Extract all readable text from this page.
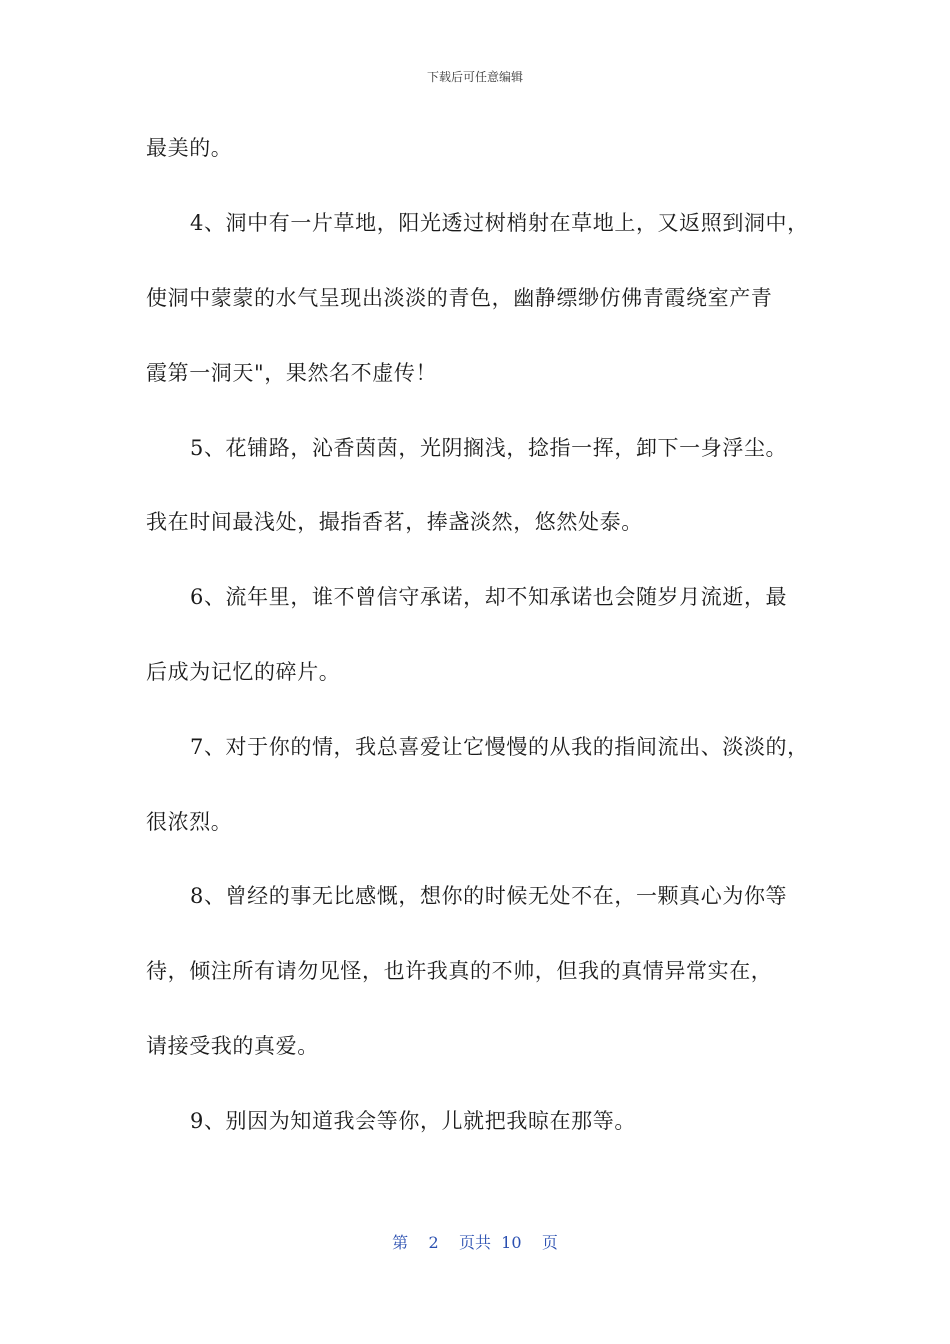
下载后可任意编辑
最美的。
4、洞中有一片草地，阳光透过树梢射在草地上，又返照到洞中，
使洞中蒙蒙的水气呈现出淡淡的青色，幽静缥缈仿佛青霞绕室产青
霞第一洞天"，果然名不虚传！
5、花铺路，沁香茵茵，光阴搁浅，捻指一挥，卸下一身浮尘。
我在时间最浅处，撮指香茗，捧盏淡然，悠然处泰。
6、流年里，谁不曾信守承诺，却不知承诺也会随岁月流逝，最
后成为记忆的碎片。
7、对于你的情，我总喜爱让它慢慢的从我的指间流出、淡淡的，
很浓烈。
8、曾经的事无比感慨，想你的时候无处不在，一颗真心为你等
待，倾注所有请勿见怪，也许我真的不帅，但我的真情异常实在，
请接受我的真爱。
9、别因为知道我会等你，儿就把我晾在那等。
第 2 页共 10 页
